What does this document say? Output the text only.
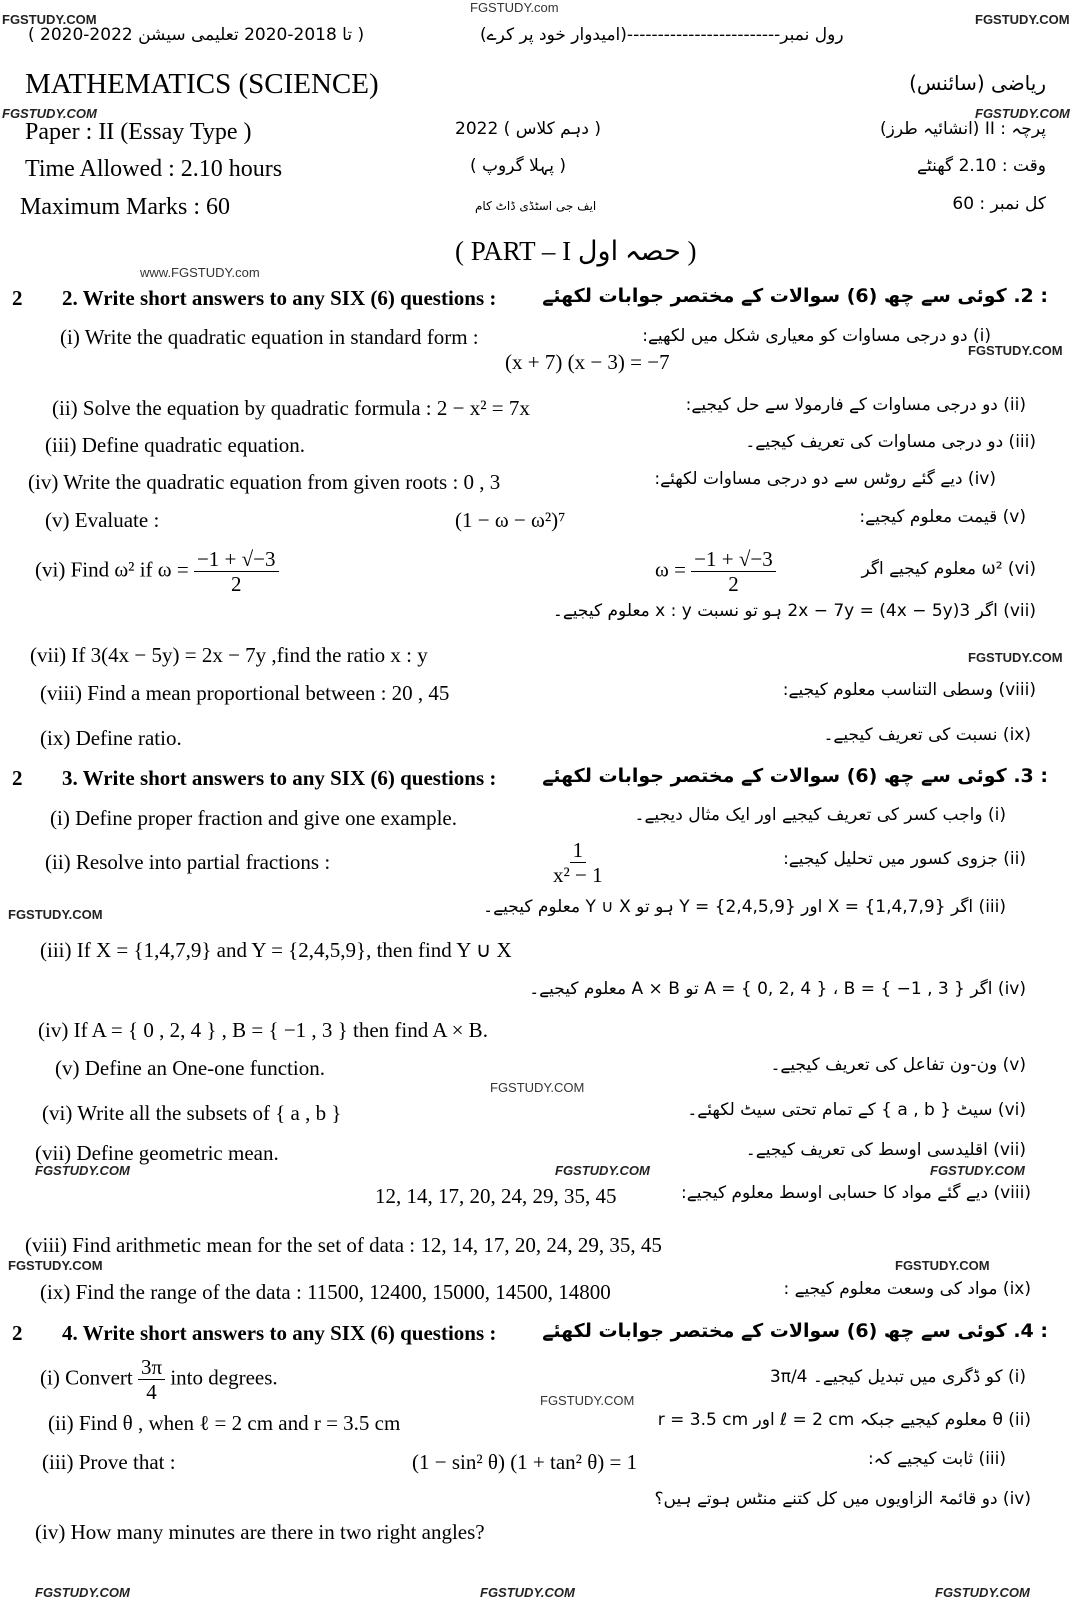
FGSTUDY.com
FGSTUDY.COM	FGSTUDY.COM
FGSTUDY.COM	FGSTUDY.COM
www.FGSTUDY.com
FGSTUDY.COM
FGSTUDY.COM
FGSTUDY.COM
FGSTUDY.COM
FGSTUDY.COM	FGSTUDY.COM	FGSTUDY.COM
FGSTUDY.COM	FGSTUDY.COM
FGSTUDY.COM
FGSTUDY.COM	FGSTUDY.COM	FGSTUDY.COM
( 2020-2022 تا 2018-2020 تعلیمی سیشن )	(امیدوار خود پر کرے)-------------------------رول نمبر
MATHEMATICS (SCIENCE)	ریاضی (سائنس)
Paper : II (Essay Type )	2022 ( دہم کلاس )	پرچہ : II (انشائیہ طرز)
Time Allowed : 2.10 hours	( پہلا گروپ )	وقت : 2.10 گھنٹے
Maximum Marks : 60	ایف جی اسٹڈی ڈاٹ کام	کل نمبر : 60
( PART – I حصہ اول )
2 2. Write short answers to any SIX (6) questions : : 2. کوئی سے چھ (6) سوالات کے مختصر جوابات لکھئے
(i) Write the quadratic equation in standard form :
(x + 7) (x − 3) = −7
(i) دو درجی مساوات کو معیاری شکل میں لکھیے:
(ii) Solve the equation by quadratic formula : 2 − x² = 7x	(ii) دو درجی مساوات کے فارمولا سے حل کیجیے:
(iii) Define quadratic equation.	(iii) دو درجی مساوات کی تعریف کیجیے۔
(iv) Write the quadratic equation from given roots : 0 , 3	(iv) دیے گئے روٹس سے دو درجی مساوات لکھئے:
(v) Evaluate :	(1 − ω − ω²)⁷	(v) قیمت معلوم کیجیے:
(vi) Find ω² if $\omega = \frac{-1 + √-3}{2}$	$\omega = \frac{-1 + √-3}{2}$	(vi) ω² معلوم کیجیے اگر
(vii) اگر 3(4x − 5y) = 2x − 7y ہو تو نسبت x : y معلوم کیجیے۔
(vii) If 3(4x − 5y) = 2x − 7y ,find the ratio x : y
(viii) Find a mean proportional between : 20 , 45	(viii) وسطی التناسب معلوم کیجیے:
(ix) Define ratio.	(ix) نسبت کی تعریف کیجیے۔
2 3. Write short answers to any SIX (6) questions : : 3. کوئی سے چھ (6) سوالات کے مختصر جوابات لکھئے
(i) Define proper fraction and give one example.	(i) واجب کسر کی تعریف کیجیے اور ایک مثال دیجیے۔
(ii) Resolve into partial fractions :	$\frac{1}{\text{x² − 1}}$	(ii) جزوی کسور میں تحلیل کیجیے:
(iii) اگر X = {1,4,7,9} اور Y = {2,4,5,9} ہو تو Y ∪ X معلوم کیجیے۔
(iii) If X = {1,4,7,9} and Y = {2,4,5,9}, then find Y ∪ X
(iv) اگر A = { 0, 2, 4 } ، B = { −1 , 3 } تو A × B معلوم کیجیے۔
(iv) If A = { 0 , 2, 4 } , B = { −1 , 3 } then find A × B.
(v) Define an One-one function.	(v) ون-ون تفاعل کی تعریف کیجیے۔
(vi) Write all the subsets of { a , b }	(vi) سیٹ { a , b } کے تمام تحتی سیٹ لکھئے۔
(vii) Define geometric mean.	(vii) اقلیدسی اوسط کی تعریف کیجیے۔
12, 14, 17, 20, 24, 29, 35, 45	(viii) دیے گئے مواد کا حسابی اوسط معلوم کیجیے:
(viii) Find arithmetic mean for the set of data : 12, 14, 17, 20, 24, 29, 35, 45
(ix) Find the range of the data : 11500, 12400, 15000, 14500, 14800	(ix) مواد کی وسعت معلوم کیجیے :
2 4. Write short answers to any SIX (6) questions : : 4. کوئی سے چھ (6) سوالات کے مختصر جوابات لکھئے
(i) Convert $\frac{3\pi}{4}$ into degrees.	(i) کو ڈگری میں تبدیل کیجیے۔ 3π/4
(ii) Find θ , when ℓ = 2 cm and r = 3.5 cm	(ii) θ معلوم کیجیے جبکہ ℓ = 2 cm اور r = 3.5 cm
(iii) Prove that :	(1 − sin² θ) (1 + tan² θ) = 1	(iii) ثابت کیجیے کہ:
(iv) دو قائمۃ الزاویوں میں کل کتنے منٹس ہوتے ہیں؟
(iv) How many minutes are there in two right angles?
